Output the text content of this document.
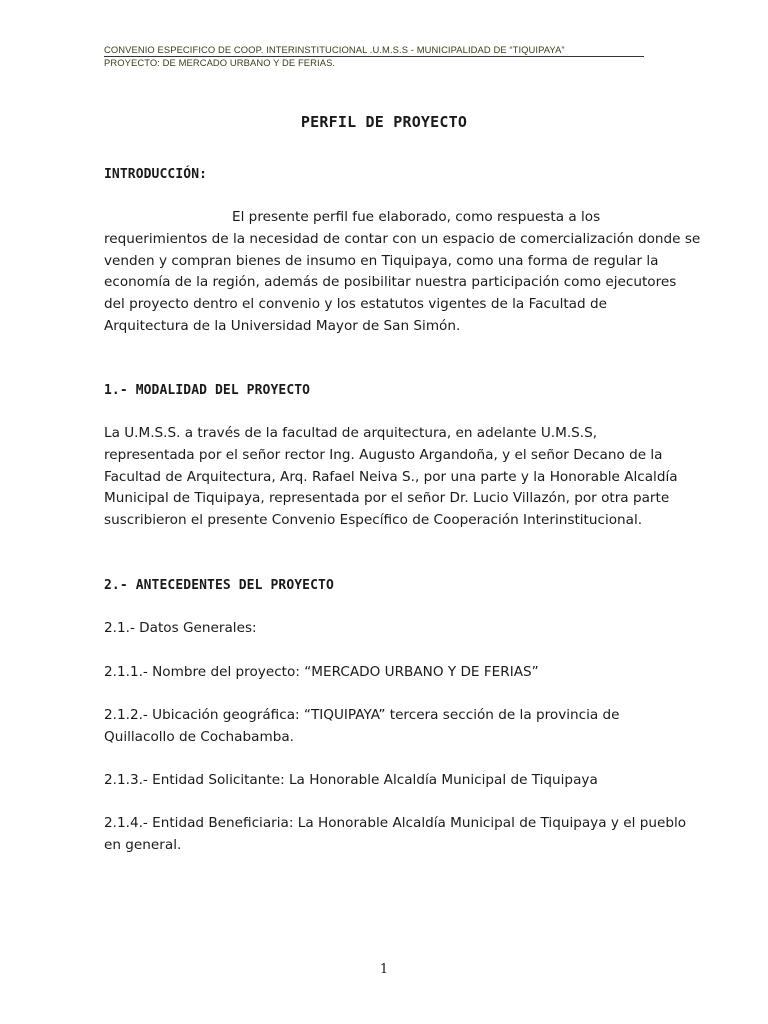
CONVENIO ESPECIFICO DE COOP. INTERINSTITUCIONAL .U.M.S.S - MUNICIPALIDAD DE “TIQUIPAYA”
PROYECTO: DE MERCADO URBANO Y DE FERIAS.
PERFIL DE PROYECTO
INTRODUCCIÓN:
El presente perfil fue elaborado, como respuesta a los
requerimientos de la necesidad de contar con un espacio de comercialización donde se
venden y compran bienes de insumo en Tiquipaya, como una forma de regular la
economía de la región, además de posibilitar nuestra participación como ejecutores
del proyecto dentro el convenio y los estatutos vigentes de la Facultad de
Arquitectura de la Universidad Mayor de San Simón.
1.- MODALIDAD DEL PROYECTO
La U.M.S.S. a través de la facultad de arquitectura, en adelante U.M.S.S,
representada por el señor rector Ing. Augusto Argandoña, y el señor Decano de la
Facultad de Arquitectura, Arq. Rafael Neiva S., por una parte y la Honorable Alcaldía
Municipal de Tiquipaya, representada por el señor Dr. Lucio Villazón, por otra parte
suscribieron el presente Convenio Específico de Cooperación Interinstitucional.
2.- ANTECEDENTES DEL PROYECTO
2.1.- Datos Generales:
2.1.1.- Nombre del proyecto: “MERCADO URBANO Y DE FERIAS”
2.1.2.- Ubicación geográfica: “TIQUIPAYA” tercera sección de la provincia de
Quillacollo de Cochabamba.
2.1.3.- Entidad Solicitante: La Honorable Alcaldía Municipal de Tiquipaya
2.1.4.- Entidad Beneficiaria: La Honorable Alcaldía Municipal de Tiquipaya y el pueblo
en general.
1
